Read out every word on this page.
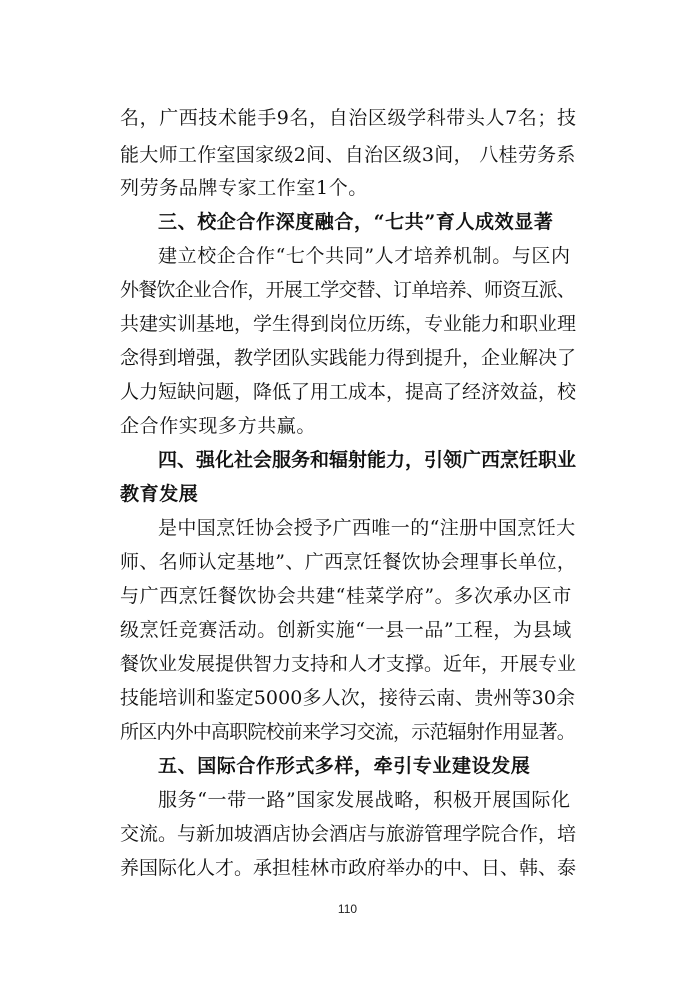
名，广西技术能手9名，自治区级学科带头人7名；技
能大师工作室国家级2间、自治区级3间， 八桂劳务系
列劳务品牌专家工作室1个。
三、校企合作深度融合，“七共”育人成效显著
建立校企合作“七个共同”人才培养机制。与区内
外餐饮企业合作，开展工学交替、订单培养、师资互派、
共建实训基地，学生得到岗位历练，专业能力和职业理
念得到增强，教学团队实践能力得到提升，企业解决了
人力短缺问题，降低了用工成本，提高了经济效益，校
企合作实现多方共赢。
四、强化社会服务和辐射能力，引领广西烹饪职业
教育发展
是中国烹饪协会授予广西唯一的“注册中国烹饪大
师、名师认定基地”、广西烹饪餐饮协会理事长单位，
与广西烹饪餐饮协会共建“桂菜学府”。多次承办区市
级烹饪竞赛活动。创新实施“一县一品”工程，为县域
餐饮业发展提供智力支持和人才支撑。近年，开展专业
技能培训和鉴定5000多人次，接待云南、贵州等30余
所区内外中高职院校前来学习交流，示范辐射作用显著。
五、国际合作形式多样，牵引专业建设发展
服务“一带一路”国家发展战略，积极开展国际化
交流。与新加坡酒店协会酒店与旅游管理学院合作，培
养国际化人才。承担桂林市政府举办的中、日、韩、泰
110
